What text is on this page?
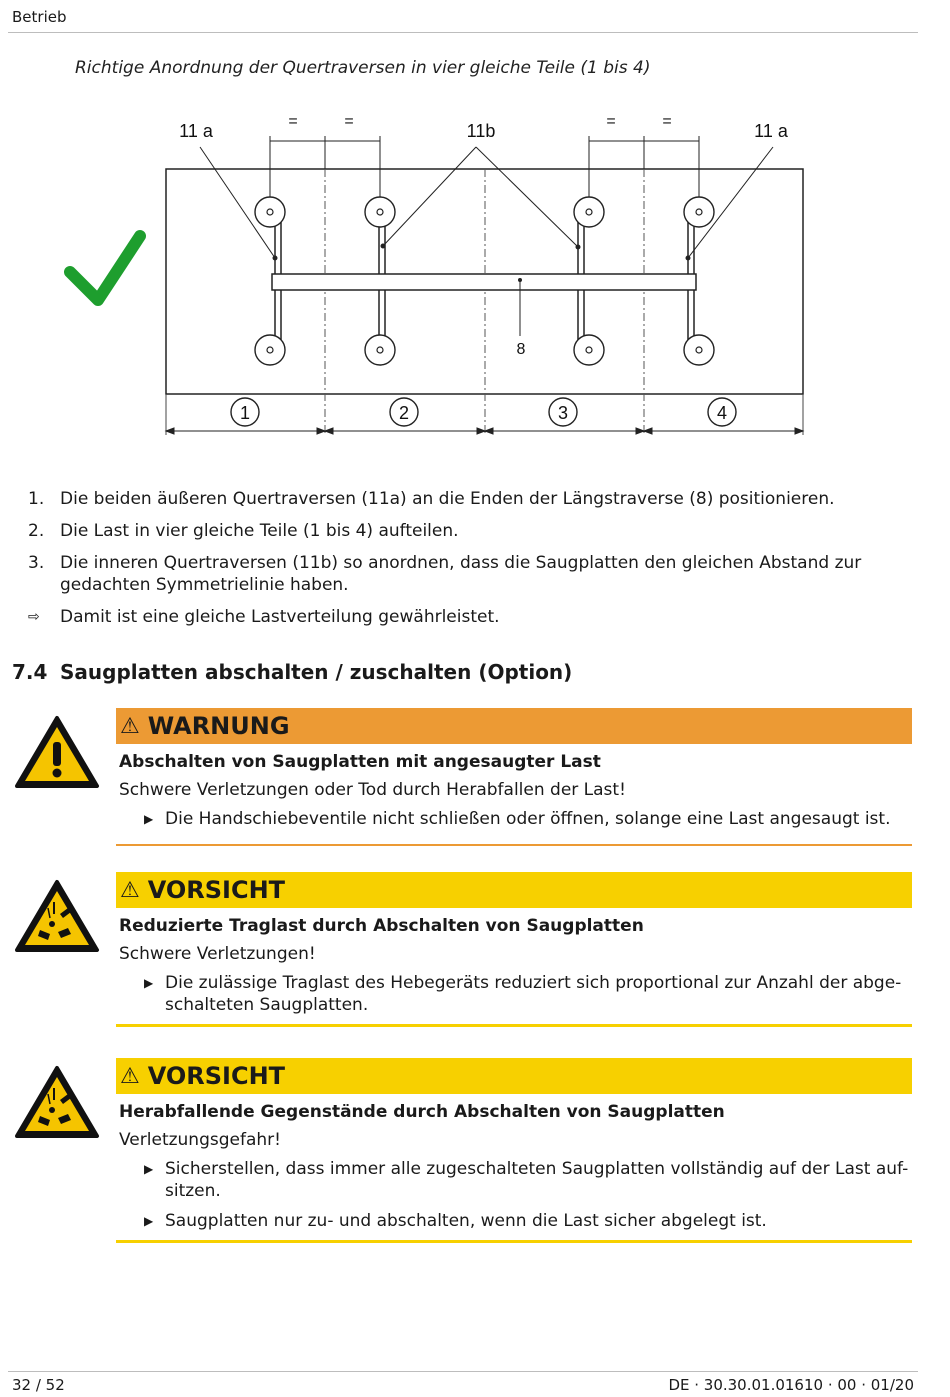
Betrieb
Richtige Anordnung der Quertraversen in vier gleiche Teile (1 bis 4)
11 a	11b	11 a
=	=	=	=
8
1	2	3	4
1. Die beiden äußeren Quertraversen (11a) an die Enden der Längstraverse (8) positionieren.
2. Die Last in vier gleiche Teile (1 bis 4) aufteilen.
3. Die inneren Quertraversen (11b) so anordnen, dass die Saugplatten den gleichen Abstand zur gedachten Symmetrielinie haben.
⇨ Damit ist eine gleiche Lastverteilung gewährleistet.
7.4 Saugplatten abschalten / zuschalten (Option)
⚠ WARNUNG
Abschalten von Saugplatten mit angesaugter Last
Schwere Verletzungen oder Tod durch Herabfallen der Last!
▶ Die Handschiebeventile nicht schließen oder öffnen, solange eine Last angesaugt ist.
⚠ VORSICHT
Reduzierte Traglast durch Abschalten von Saugplatten
Schwere Verletzungen!
▶ Die zulässige Traglast des Hebegeräts reduziert sich proportional zur Anzahl der abge-schalteten Saugplatten.
⚠ VORSICHT
Herabfallende Gegenstände durch Abschalten von Saugplatten
Verletzungsgefahr!
▶ Sicherstellen, dass immer alle zugeschalteten Saugplatten vollständig auf der Last auf-sitzen.
▶ Saugplatten nur zu- und abschalten, wenn die Last sicher abgelegt ist.
32 / 52	DE · 30.30.01.01610 · 00 · 01/20
